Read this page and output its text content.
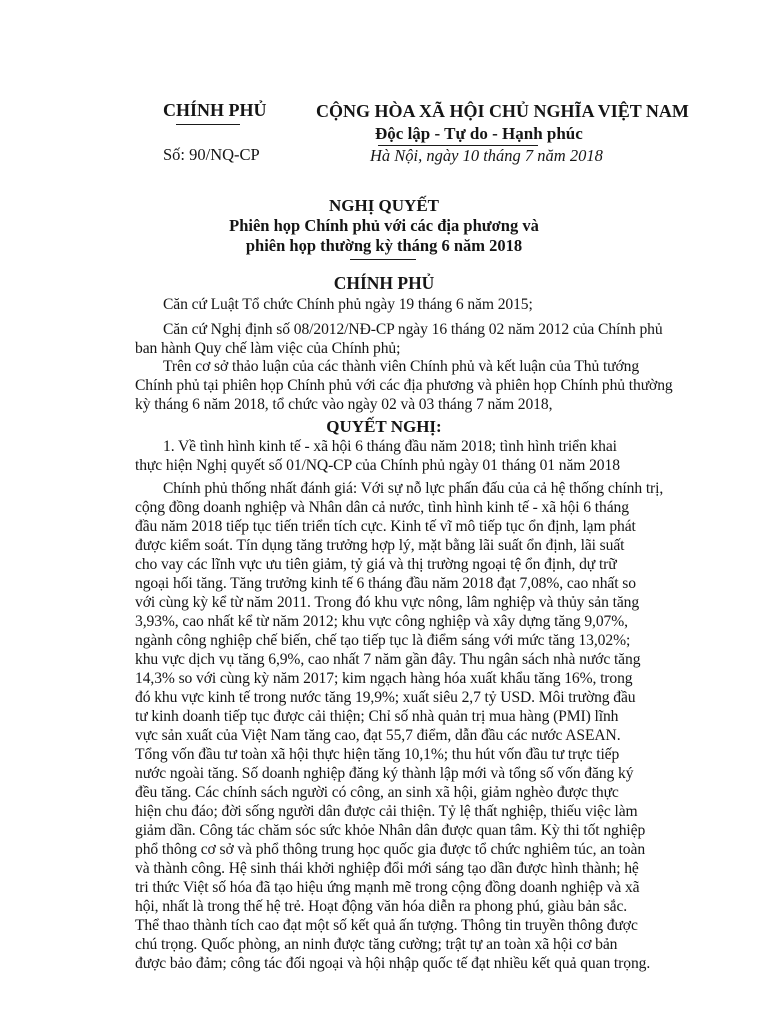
CHÍNH PHỦ	CỘNG HÒA XÃ HỘI CHỦ NGHĨA VIỆT NAM
Độc lập - Tự do - Hạnh phúc
Số: 90/NQ-CP	Hà Nội, ngày 10 tháng 7 năm 2018
NGHỊ QUYẾT
Phiên họp Chính phủ với các địa phương và
phiên họp thường kỳ tháng 6 năm 2018
CHÍNH PHỦ
Căn cứ Luật Tổ chức Chính phủ ngày 19 tháng 6 năm 2015;
Căn cứ Nghị định số 08/2012/NĐ-CP ngày 16 tháng 02 năm 2012 của Chính phủ
ban hành Quy chế làm việc của Chính phủ;
Trên cơ sở thảo luận của các thành viên Chính phủ và kết luận của Thủ tướng
Chính phủ tại phiên họp Chính phủ với các địa phương và phiên họp Chính phủ thường
kỳ tháng 6 năm 2018, tổ chức vào ngày 02 và 03 tháng 7 năm 2018,
QUYẾT NGHỊ:
1. Về tình hình kinh tế - xã hội 6 tháng đầu năm 2018; tình hình triển khai
thực hiện Nghị quyết số 01/NQ-CP của Chính phủ ngày 01 tháng 01 năm 2018
Chính phủ thống nhất đánh giá: Với sự nỗ lực phấn đấu của cả hệ thống chính trị,
cộng đồng doanh nghiệp và Nhân dân cả nước, tình hình kinh tế - xã hội 6 tháng
đầu năm 2018 tiếp tục tiến triển tích cực. Kinh tế vĩ mô tiếp tục ổn định, lạm phát
được kiểm soát. Tín dụng tăng trưởng hợp lý, mặt bằng lãi suất ổn định, lãi suất
cho vay các lĩnh vực ưu tiên giảm, tỷ giá và thị trường ngoại tệ ổn định, dự trữ
ngoại hối tăng. Tăng trưởng kinh tế 6 tháng đầu năm 2018 đạt 7,08%, cao nhất so
với cùng kỳ kể từ năm 2011. Trong đó khu vực nông, lâm nghiệp và thủy sản tăng
3,93%, cao nhất kể từ năm 2012; khu vực công nghiệp và xây dựng tăng 9,07%,
ngành công nghiệp chế biến, chế tạo tiếp tục là điểm sáng với mức tăng 13,02%;
khu vực dịch vụ tăng 6,9%, cao nhất 7 năm gần đây. Thu ngân sách nhà nước tăng
14,3% so với cùng kỳ năm 2017; kim ngạch hàng hóa xuất khẩu tăng 16%, trong
đó khu vực kinh tế trong nước tăng 19,9%; xuất siêu 2,7 tỷ USD. Môi trường đầu
tư kinh doanh tiếp tục được cải thiện; Chỉ số nhà quản trị mua hàng (PMI) lĩnh
vực sản xuất của Việt Nam tăng cao, đạt 55,7 điểm, dẫn đầu các nước ASEAN.
Tổng vốn đầu tư toàn xã hội thực hiện tăng 10,1%; thu hút vốn đầu tư trực tiếp
nước ngoài tăng. Số doanh nghiệp đăng ký thành lập mới và tổng số vốn đăng ký
đều tăng. Các chính sách người có công, an sinh xã hội, giảm nghèo được thực
hiện chu đáo; đời sống người dân được cải thiện. Tỷ lệ thất nghiệp, thiếu việc làm
giảm dần. Công tác chăm sóc sức khỏe Nhân dân được quan tâm. Kỳ thi tốt nghiệp
phổ thông cơ sở và phổ thông trung học quốc gia được tổ chức nghiêm túc, an toàn
và thành công. Hệ sinh thái khởi nghiệp đổi mới sáng tạo dần được hình thành; hệ
tri thức Việt số hóa đã tạo hiệu ứng mạnh mẽ trong cộng đồng doanh nghiệp và xã
hội, nhất là trong thế hệ trẻ. Hoạt động văn hóa diễn ra phong phú, giàu bản sắc.
Thể thao thành tích cao đạt một số kết quả ấn tượng. Thông tin truyền thông được
chú trọng. Quốc phòng, an ninh được tăng cường; trật tự an toàn xã hội cơ bản
được bảo đảm; công tác đối ngoại và hội nhập quốc tế đạt nhiều kết quả quan trọng.
